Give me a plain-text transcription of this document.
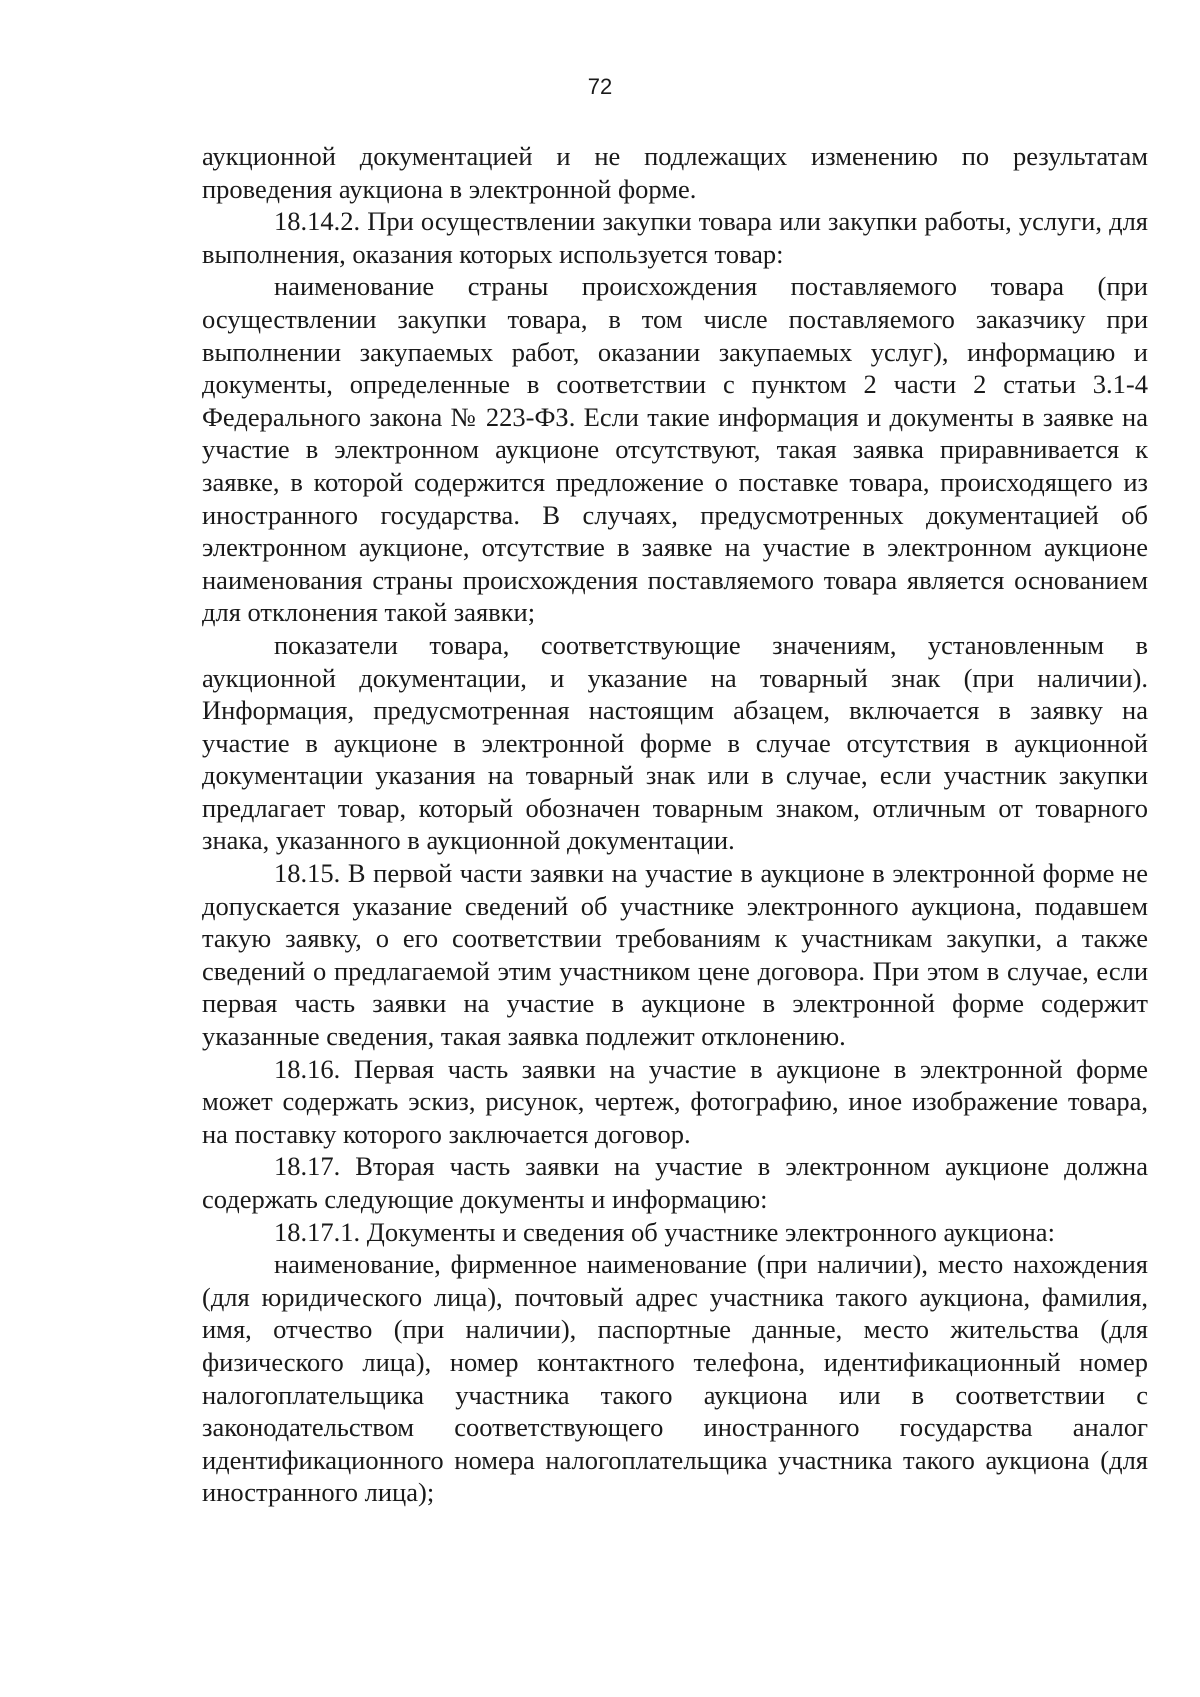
72

аукционной документацией и не подлежащих изменению по результатам проведения аукциона в электронной форме.

18.14.2. При осуществлении закупки товара или закупки работы, услуги, для выполнения, оказания которых используется товар:

наименование страны происхождения поставляемого товара (при осуществлении закупки товара, в том числе поставляемого заказчику при выполнении закупаемых работ, оказании закупаемых услуг), информацию и документы, определенные в соответствии с пунктом 2 части 2 статьи 3.1-4 Федерального закона № 223-ФЗ. Если такие информация и документы в заявке на участие в электронном аукционе отсутствуют, такая заявка приравнивается к заявке, в которой содержится предложение о поставке товара, происходящего из иностранного государства. В случаях, предусмотренных документацией об электронном аукционе, отсутствие в заявке на участие в электронном аукционе наименования страны происхождения поставляемого товара является основанием для отклонения такой заявки;

показатели товара, соответствующие значениям, установленным в аукционной документации, и указание на товарный знак (при наличии). Информация, предусмотренная настоящим абзацем, включается в заявку на участие в аукционе в электронной форме в случае отсутствия в аукционной документации указания на товарный знак или в случае, если участник закупки предлагает товар, который обозначен товарным знаком, отличным от товарного знака, указанного в аукционной документации.

18.15. В первой части заявки на участие в аукционе в электронной форме не допускается указание сведений об участнике электронного аукциона, подавшем такую заявку, о его соответствии требованиям к участникам закупки, а также сведений о предлагаемой этим участником цене договора. При этом в случае, если первая часть заявки на участие в аукционе в электронной форме содержит указанные сведения, такая заявка подлежит отклонению.

18.16. Первая часть заявки на участие в аукционе в электронной форме может содержать эскиз, рисунок, чертеж, фотографию, иное изображение товара, на поставку которого заключается договор.

18.17. Вторая часть заявки на участие в электронном аукционе должна содержать следующие документы и информацию:

18.17.1. Документы и сведения об участнике электронного аукциона:

наименование, фирменное наименование (при наличии), место нахождения (для юридического лица), почтовый адрес участника такого аукциона, фамилия, имя, отчество (при наличии), паспортные данные, место жительства (для физического лица), номер контактного телефона, идентификационный номер налогоплательщика участника такого аукциона или в соответствии с законодательством соответствующего иностранного государства аналог идентификационного номера налогоплательщика участника такого аукциона (для иностранного лица);
